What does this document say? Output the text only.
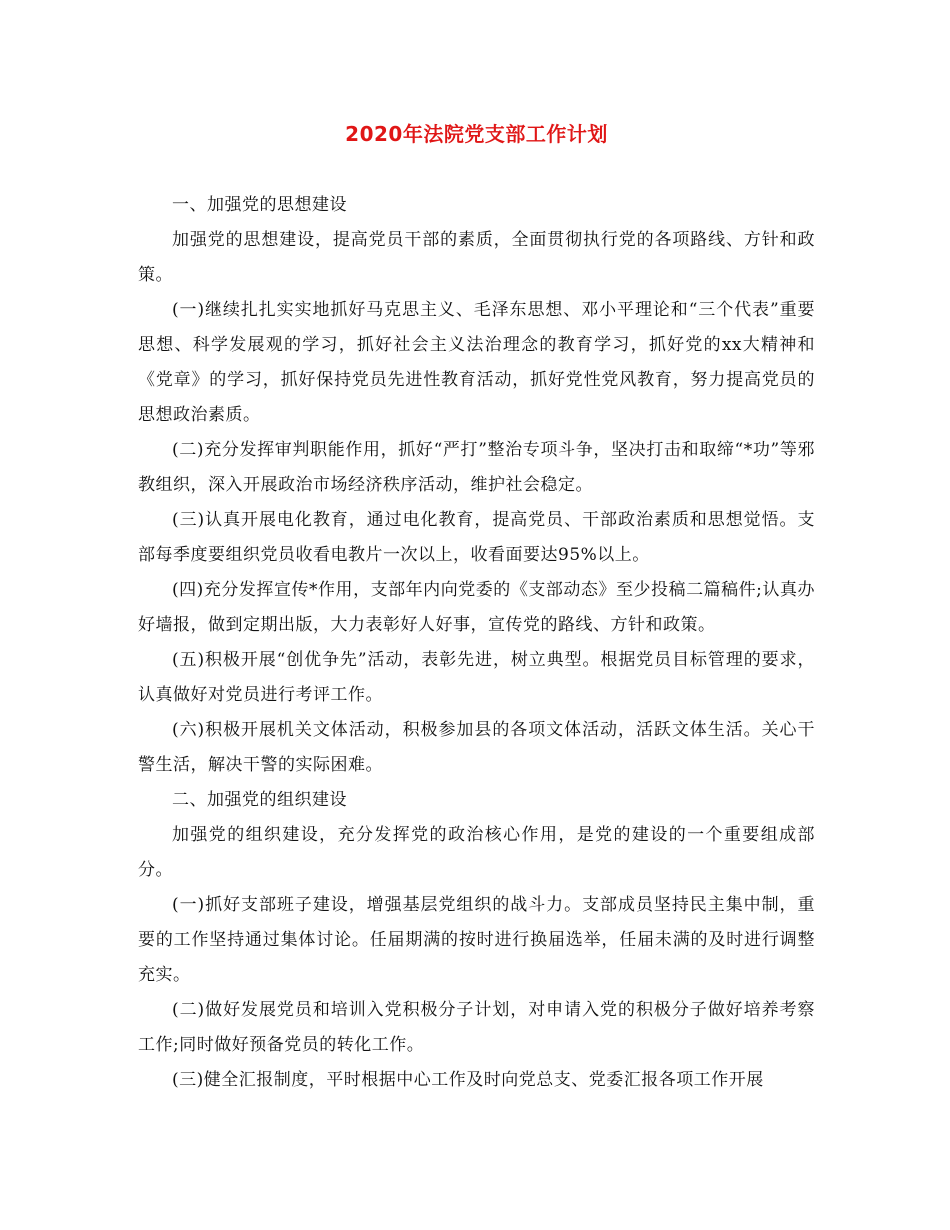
2020年法院党支部工作计划

一、加强党的思想建设

加强党的思想建设，提高党员干部的素质，全面贯彻执行党的各项路线、方针和政策。

(一)继续扎扎实实地抓好马克思主义、毛泽东思想、邓小平理论和“三个代表”重要思想、科学发展观的学习，抓好社会主义法治理念的教育学习，抓好党的xx大精神和《党章》的学习，抓好保持党员先进性教育活动，抓好党性党风教育，努力提高党员的思想政治素质。

(二)充分发挥审判职能作用，抓好“严打”整治专项斗争，坚决打击和取缔“*功”等邪教组织，深入开展政治市场经济秩序活动，维护社会稳定。

(三)认真开展电化教育，通过电化教育，提高党员、干部政治素质和思想觉悟。支部每季度要组织党员收看电教片一次以上，收看面要达95%以上。

(四)充分发挥宣传*作用，支部年内向党委的《支部动态》至少投稿二篇稿件;认真办好墙报，做到定期出版，大力表彰好人好事，宣传党的路线、方针和政策。

(五)积极开展“创优争先”活动，表彰先进，树立典型。根据党员目标管理的要求，认真做好对党员进行考评工作。

(六)积极开展机关文体活动，积极参加县的各项文体活动，活跃文体生活。关心干警生活，解决干警的实际困难。

二、加强党的组织建设

加强党的组织建设，充分发挥党的政治核心作用，是党的建设的一个重要组成部分。

(一)抓好支部班子建设，增强基层党组织的战斗力。支部成员坚持民主集中制，重要的工作坚持通过集体讨论。任届期满的按时进行换届选举，任届未满的及时进行调整充实。

(二)做好发展党员和培训入党积极分子计划，对申请入党的积极分子做好培养考察工作;同时做好预备党员的转化工作。

(三)健全汇报制度，平时根据中心工作及时向党总支、党委汇报各项工作开展
